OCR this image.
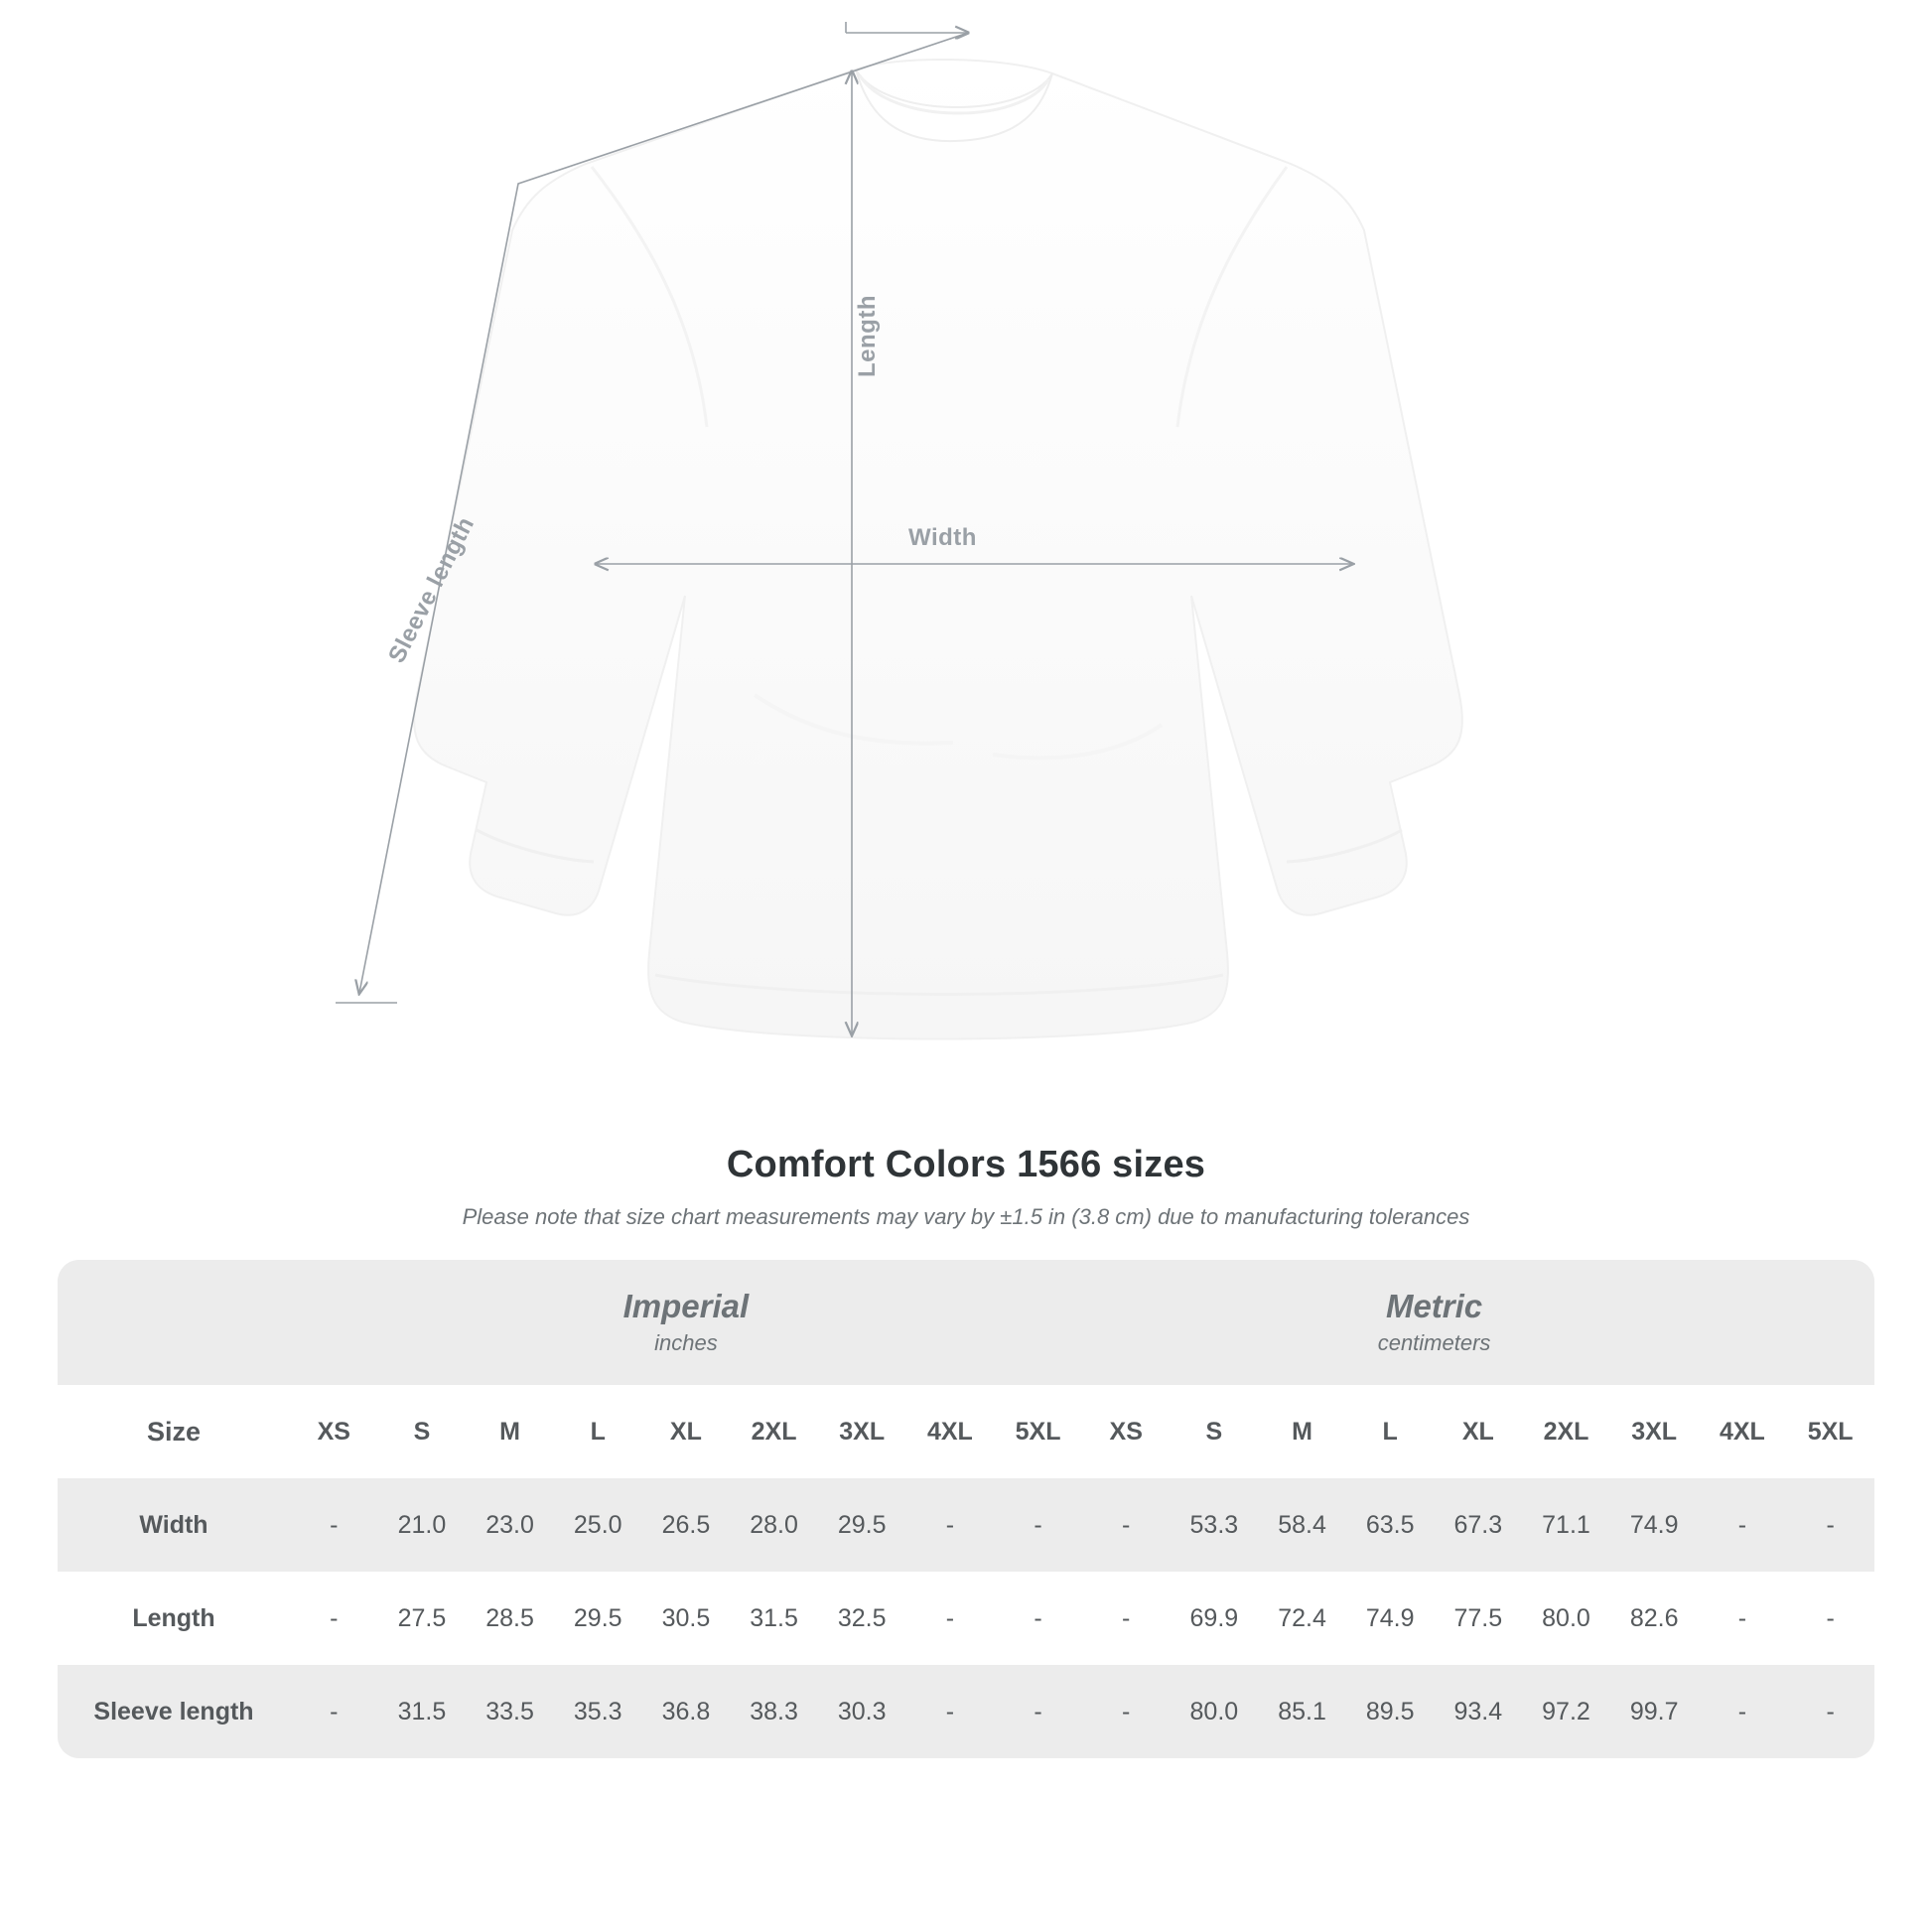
Length
Width
Sleeve length
Comfort Colors 1566 sizes
Please note that size chart measurements may vary by ±1.5 in (3.8 cm) due to manufacturing tolerances

Imperial
inches

Metric
centimeters

Size	XS	S	M	L	XL	2XL	3XL	4XL	5XL	XS	S	M	L	XL	2XL	3XL	4XL	5XL
Width	-	21.0	23.0	25.0	26.5	28.0	29.5	-	-	-	53.3	58.4	63.5	67.3	71.1	74.9	-	-
Length	-	27.5	28.5	29.5	30.5	31.5	32.5	-	-	-	69.9	72.4	74.9	77.5	80.0	82.6	-	-
Sleeve length	-	31.5	33.5	35.3	36.8	38.3	30.3	-	-	-	80.0	85.1	89.5	93.4	97.2	99.7	-	-
